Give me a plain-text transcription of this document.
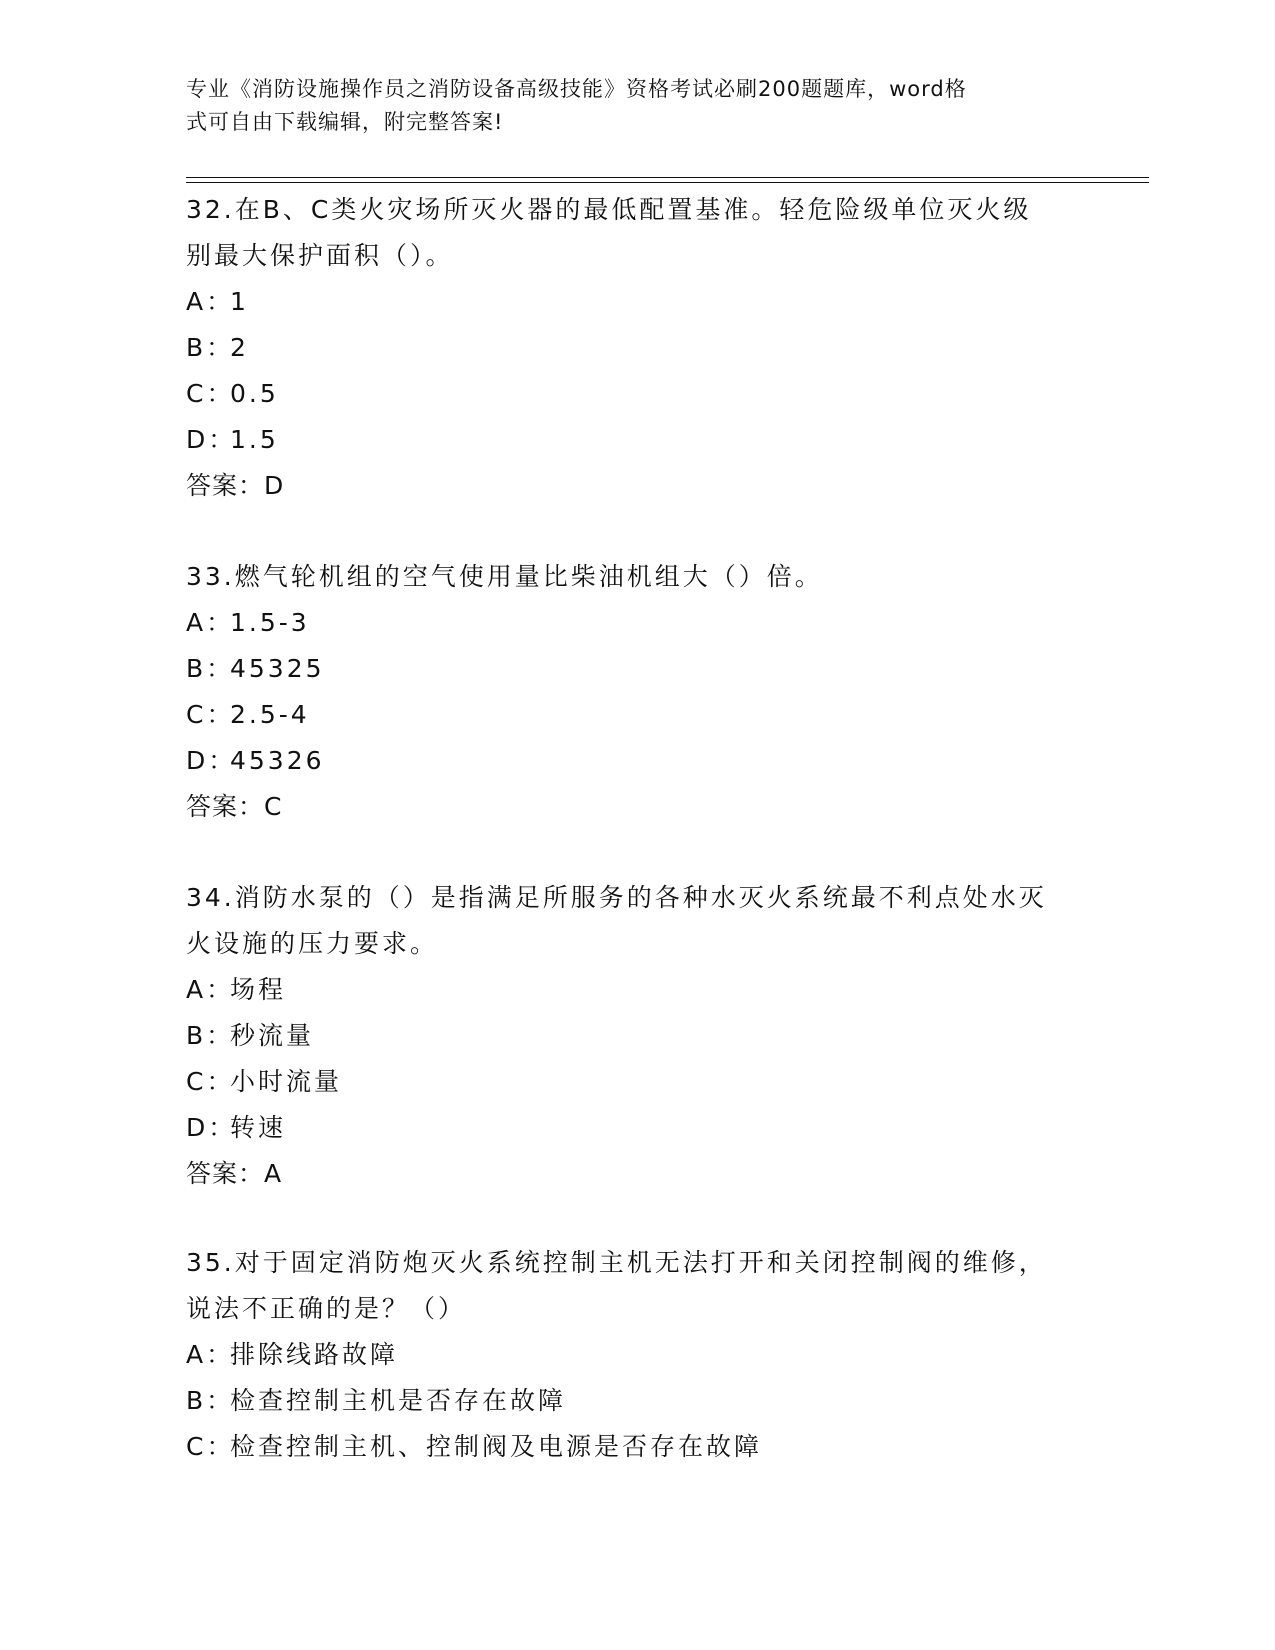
专业《消防设施操作员之消防设备高级技能》资格考试必刷200题题库，word格
式可自由下载编辑，附完整答案!

32.在B、C类火灾场所灭火器的最低配置基准。轻危险级单位灭火级

别最大保护面积（）。

A：1

B：2

C：0.5

D：1.5

答案：D

33.燃气轮机组的空气使用量比柴油机组大（）倍。

A：1.5-3

B：45325

C：2.5-4

D：45326

答案：C

34.消防水泵的（）是指满足所服务的各种水灭火系统最不利点处水灭

火设施的压力要求。

A：场程

B：秒流量

C：小时流量

D：转速

答案：A

35.对于固定消防炮灭火系统控制主机无法打开和关闭控制阀的维修，

说法不正确的是？（）

A：排除线路故障

B：检查控制主机是否存在故障

C：检查控制主机、控制阀及电源是否存在故障
